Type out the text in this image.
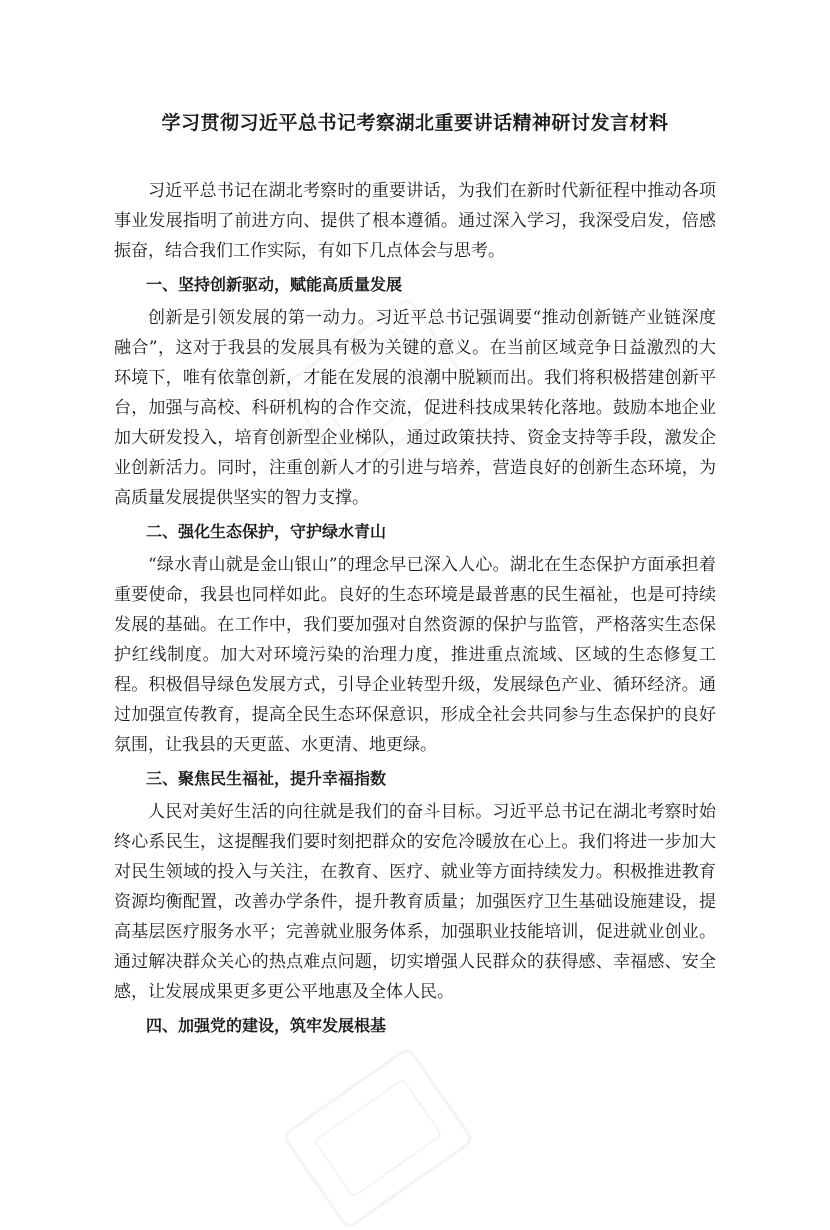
学习贯彻习近平总书记考察湖北重要讲话精神研讨发言材料

习近平总书记在湖北考察时的重要讲话，为我们在新时代新征程中推动各项事业发展指明了前进方向、提供了根本遵循。通过深入学习，我深受启发，倍感振奋，结合我们工作实际，有如下几点体会与思考。

一、坚持创新驱动，赋能高质量发展

创新是引领发展的第一动力。习近平总书记强调要“推动创新链产业链深度融合”，这对于我县的发展具有极为关键的意义。在当前区域竞争日益激烈的大环境下，唯有依靠创新，才能在发展的浪潮中脱颖而出。我们将积极搭建创新平台，加强与高校、科研机构的合作交流，促进科技成果转化落地。鼓励本地企业加大研发投入，培育创新型企业梯队，通过政策扶持、资金支持等手段，激发企业创新活力。同时，注重创新人才的引进与培养，营造良好的创新生态环境，为高质量发展提供坚实的智力支撑。

二、强化生态保护，守护绿水青山

“绿水青山就是金山银山”的理念早已深入人心。湖北在生态保护方面承担着重要使命，我县也同样如此。良好的生态环境是最普惠的民生福祉，也是可持续发展的基础。在工作中，我们要加强对自然资源的保护与监管，严格落实生态保护红线制度。加大对环境污染的治理力度，推进重点流域、区域的生态修复工程。积极倡导绿色发展方式，引导企业转型升级，发展绿色产业、循环经济。通过加强宣传教育，提高全民生态环保意识，形成全社会共同参与生态保护的良好氛围，让我县的天更蓝、水更清、地更绿。

三、聚焦民生福祉，提升幸福指数

人民对美好生活的向往就是我们的奋斗目标。习近平总书记在湖北考察时始终心系民生，这提醒我们要时刻把群众的安危冷暖放在心上。我们将进一步加大对民生领域的投入与关注，在教育、医疗、就业等方面持续发力。积极推进教育资源均衡配置，改善办学条件，提升教育质量；加强医疗卫生基础设施建设，提高基层医疗服务水平；完善就业服务体系，加强职业技能培训，促进就业创业。通过解决群众关心的热点难点问题，切实增强人民群众的获得感、幸福感、安全感，让发展成果更多更公平地惠及全体人民。

四、加强党的建设，筑牢发展根基
